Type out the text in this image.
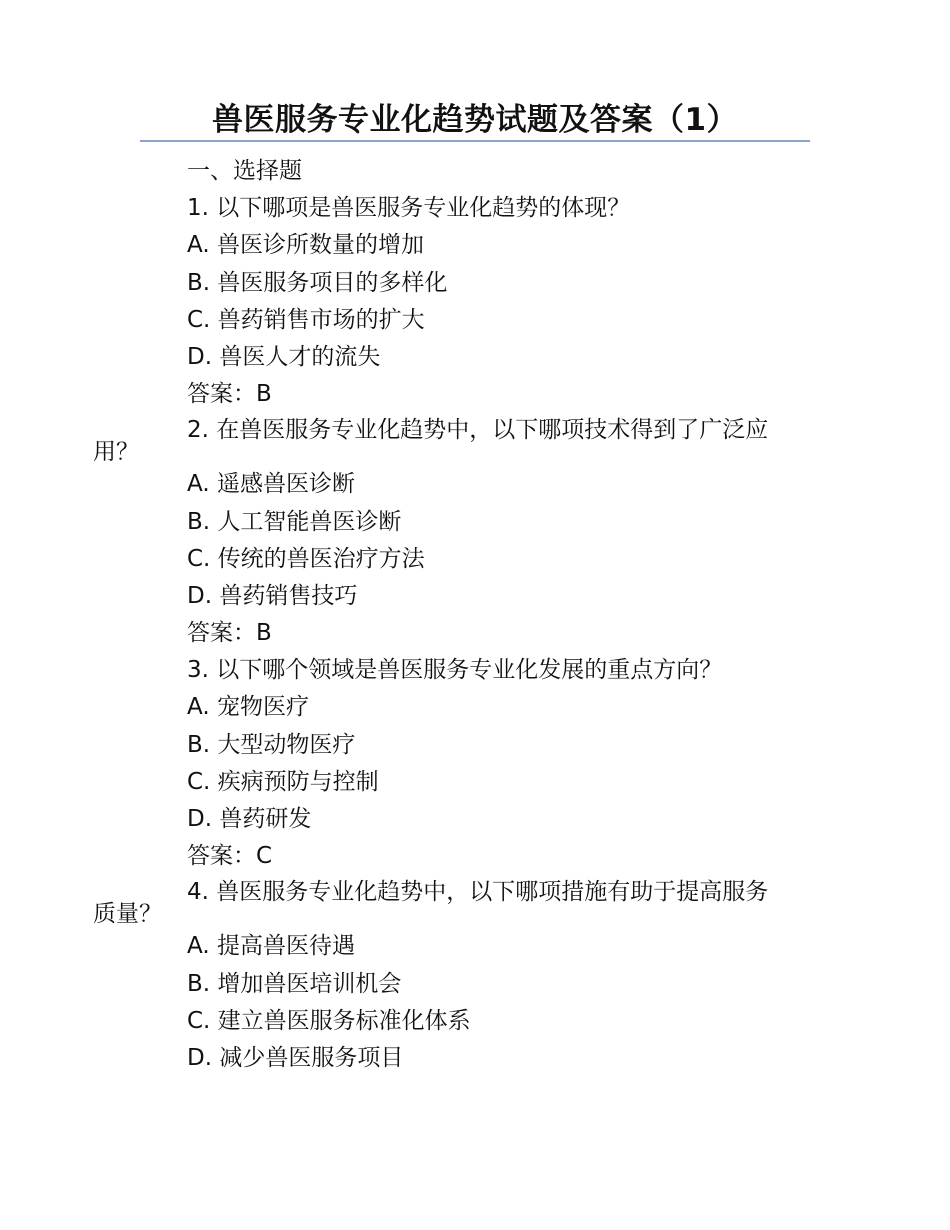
兽医服务专业化趋势试题及答案（1）
一、选择题
1. 以下哪项是兽医服务专业化趋势的体现？
A. 兽医诊所数量的增加
B. 兽医服务项目的多样化
C. 兽药销售市场的扩大
D. 兽医人才的流失
答案：B
2. 在兽医服务专业化趋势中，以下哪项技术得到了广泛应
用？
A. 遥感兽医诊断
B. 人工智能兽医诊断
C. 传统的兽医治疗方法
D. 兽药销售技巧
答案：B
3. 以下哪个领域是兽医服务专业化发展的重点方向？
A. 宠物医疗
B. 大型动物医疗
C. 疾病预防与控制
D. 兽药研发
答案：C
4. 兽医服务专业化趋势中，以下哪项措施有助于提高服务
质量？
A. 提高兽医待遇
B. 增加兽医培训机会
C. 建立兽医服务标准化体系
D. 减少兽医服务项目
